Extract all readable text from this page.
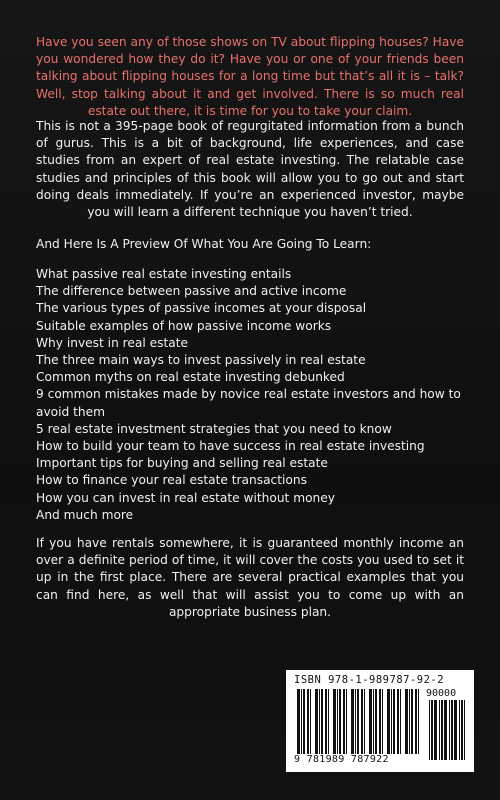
Have you seen any of those shows on TV about flipping houses? Have you wondered how they do it? Have you or one of your friends been talking about flipping houses for a long time but that’s all it is – talk? Well, stop talking about it and get involved. There is so much real estate out there, it is time for you to take your claim.

This is not a 395-page book of regurgitated information from a bunch of gurus. This is a bit of background, life experiences, and case studies from an expert of real estate investing. The relatable case studies and principles of this book will allow you to go out and start doing deals immediately. If you’re an experienced investor, maybe you will learn a different technique you haven’t tried.

And Here Is A Preview Of What You Are Going To Learn:

What passive real estate investing entails
The difference between passive and active income
The various types of passive incomes at your disposal
Suitable examples of how passive income works
Why invest in real estate
The three main ways to invest passively in real estate
Common myths on real estate investing debunked
9 common mistakes made by novice real estate investors and how to avoid them
5 real estate investment strategies that you need to know
How to build your team to have success in real estate investing
Important tips for buying and selling real estate
How to finance your real estate transactions
How you can invest in real estate without money
And much more

If you have rentals somewhere, it is guaranteed monthly income an over a definite period of time, it will cover the costs you used to set it up in the first place. There are several practical examples that you can find here, as well that will assist you to come up with an appropriate business plan.

ISBN 978-1-989787-92-2
90000
9 781989 787922
